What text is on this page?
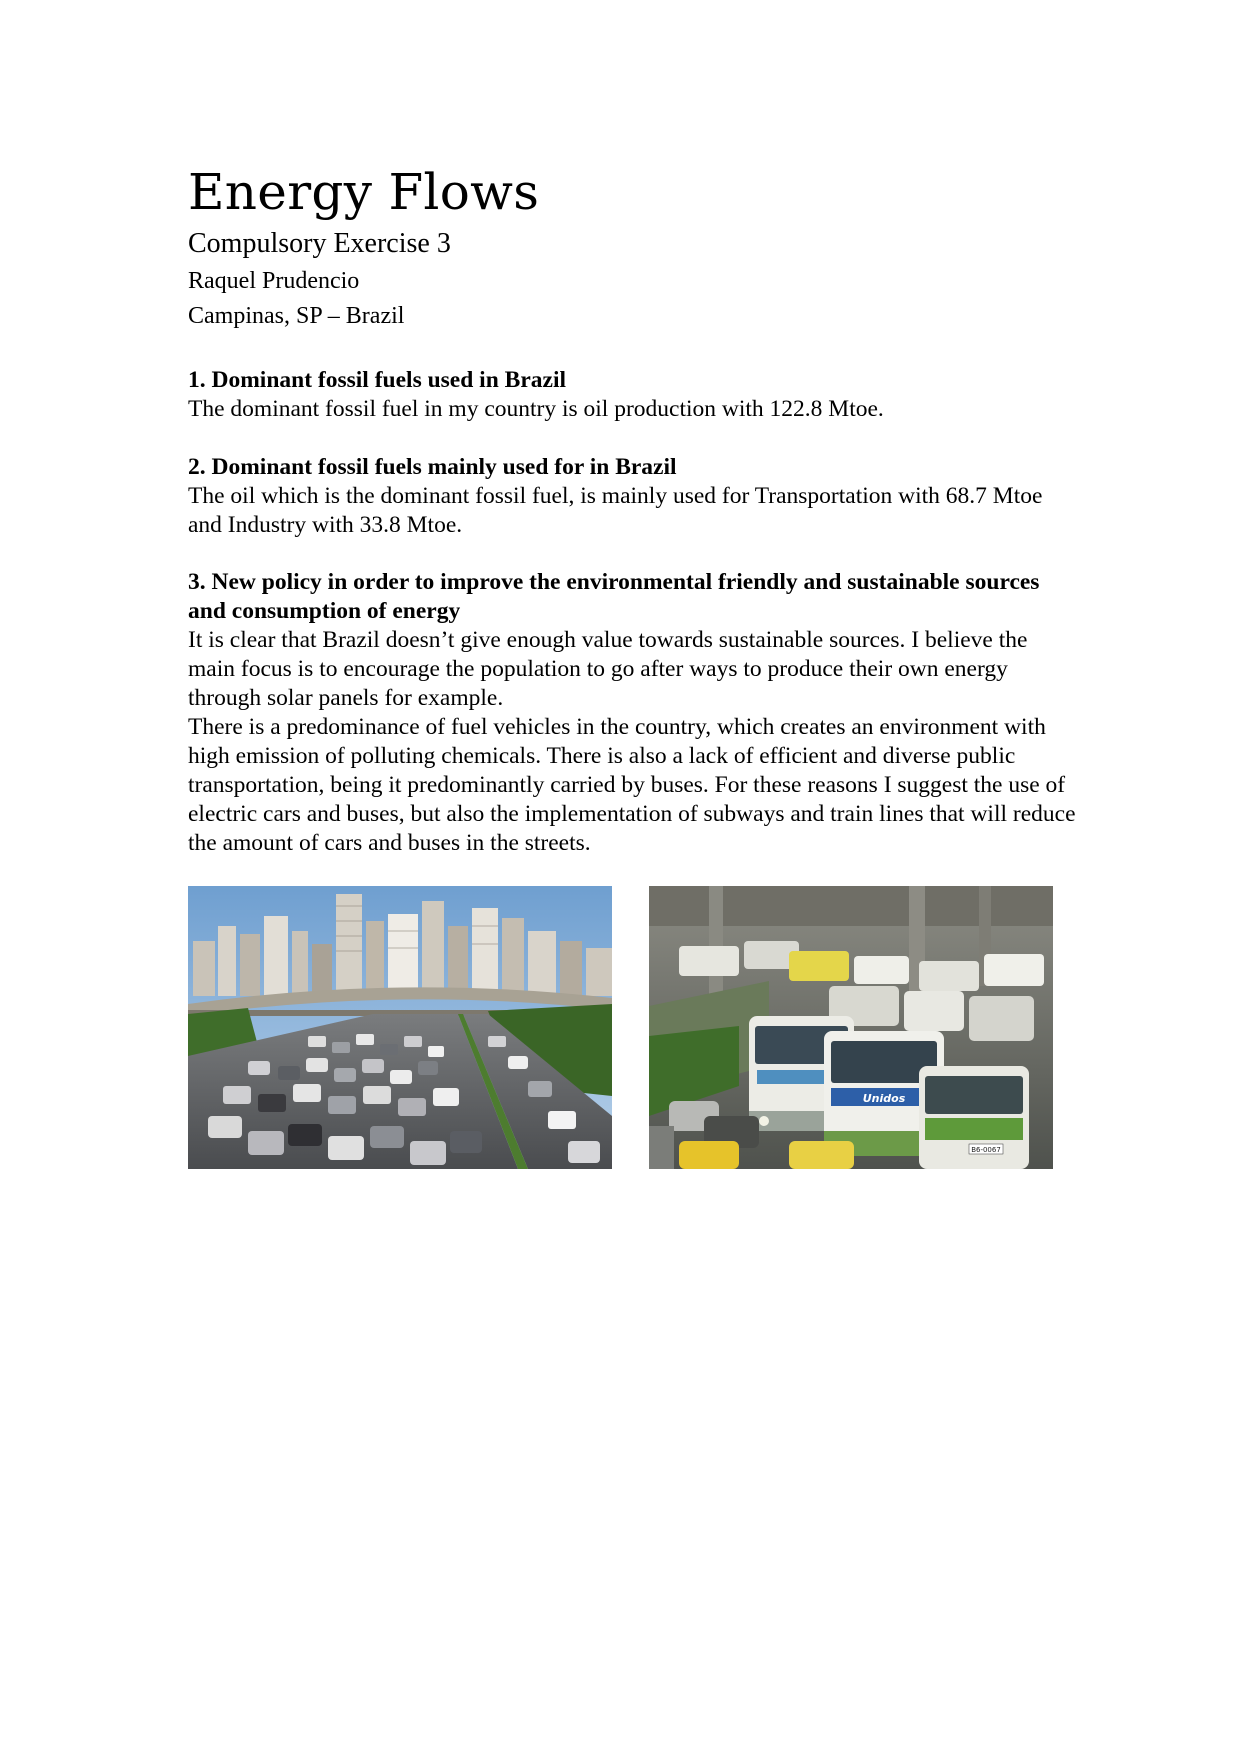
Energy Flows
Compulsory Exercise 3
Raquel Prudencio
Campinas, SP – Brazil
1. Dominant fossil fuels used in Brazil

The dominant fossil fuel in my country is oil production with 122.8 Mtoe.

2. Dominant fossil fuels mainly used for in Brazil

The oil which is the dominant fossil fuel, is mainly used for Transportation with 68.7 Mtoe and Industry with 33.8 Mtoe.

3. New policy in order to improve the environmental friendly and sustainable sources and consumption of energy

It is clear that Brazil doesn’t give enough value towards sustainable sources. I believe the main focus is to encourage the population to go after ways to produce their own energy through solar panels for example.

There is a predominance of fuel vehicles in the country, which creates an environment with high emission of polluting chemicals. There is also a lack of efficient and diverse public transportation, being it predominantly carried by buses. For these reasons I suggest the use of electric cars and buses, but also the implementation of subways and train lines that will reduce the amount of cars and buses in the streets.

Unidos
B6-0067
